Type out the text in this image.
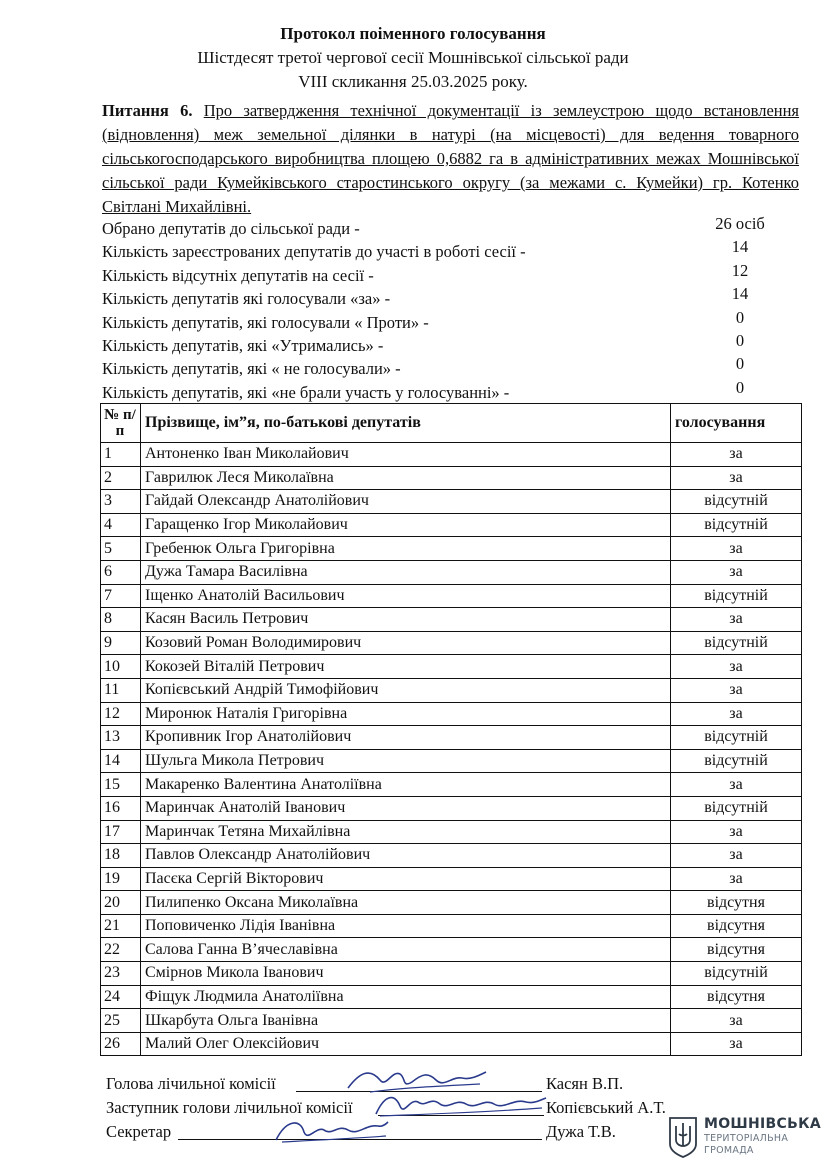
Протокол поіменного голосування
Шістдесят третої чергової сесії Мошнівської сільської ради
VIII скликання 25.03.2025 року.
Питання 6. Про затвердження технічної документації із землеустрою щодо встановлення (відновлення) меж земельної ділянки в натурі (на місцевості) для ведення товарного сільськогосподарського виробництва площею 0,6882 га в адміністративних межах Мошнівської сільської ради Кумейківського старостинського округу (за межами с. Кумейки) гр. Котенко Світлані Михайлівні.
Обрано депутатів до сільської ради -	26 осіб
Кількість зареєстрованих депутатів до участі в роботі сесії -	14
Кількість відсутніх депутатів на сесії -	12
Кількість депутатів які голосували «за» -	14
Кількість депутатів, які голосували « Проти» -	0
Кількість депутатів, які «Утримались» -	0
Кількість депутатів, які « не голосували» -	0
Кількість депутатів, які «не брали участь у голосуванні» -	0
№ п/п	Прізвище, ім”я, по-батькові депутатів	голосування
1	Антоненко Іван Миколайович	за
2	Гаврилюк Леся Миколаївна	за
3	Гайдай Олександр Анатолійович	відсутній
4	Гаращенко Ігор Миколайович	відсутній
5	Гребенюк Ольга Григорівна	за
6	Дужа Тамара Василівна	за
7	Іщенко Анатолій Васильович	відсутній
8	Касян Василь Петрович	за
9	Козовий Роман Володимирович	відсутній
10	Кокозей Віталій Петрович	за
11	Копієвський Андрій Тимофійович	за
12	Миронюк Наталія Григорівна	за
13	Кропивник Ігор Анатолійович	відсутній
14	Шульга Микола Петрович	відсутній
15	Макаренко Валентина Анатоліївна	за
16	Маринчак Анатолій Іванович	відсутній
17	Маринчак Тетяна Михайлівна	за
18	Павлов Олександр Анатолійович	за
19	Пасєка Сергій Вікторович	за
20	Пилипенко Оксана Миколаївна	відсутня
21	Поповиченко Лідія Іванівна	відсутня
22	Салова Ганна В’ячеславівна	відсутня
23	Смірнов Микола Іванович	відсутній
24	Фіщук Людмила Анатоліївна	відсутня
25	Шкарбута Ольга Іванівна	за
26	Малий Олег Олексійович	за
Голова лічильної комісії	Касян В.П.
Заступник голови лічильної комісії	Копієвський А.Т.
Секретар	Дужа Т.В.	МОШНІВСЬКА
ТЕРИТОРІАЛЬНА
ГРОМАДА
